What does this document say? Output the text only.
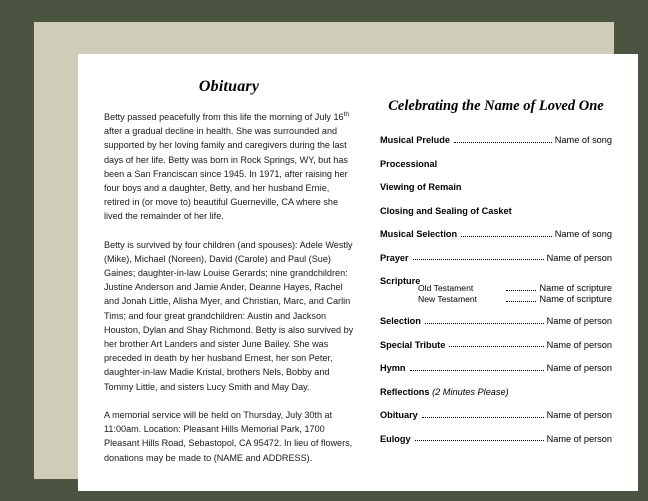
Obituary
Betty passed peacefully from this life the morning of July 16th after a gradual decline in health. She was surrounded and supported by her loving family and caregivers during the last days of her life. Betty was born in Rock Springs, WY, but has been a San Franciscan since 1945. In 1971, after raising her four boys and a daughter, Betty, and her husband Ernie, retired in (or move to) beautiful Guerneville, CA where she lived the remainder of her life.
Betty is survived by four children (and spouses): Adele Westly (Mike), Michael (Noreen), David (Carole) and Paul (Sue) Gaines; daughter-in-law Louise Gerards; nine grandchildren: Justine Anderson and Jamie Ander, Deanne Hayes, Rachel and Jonah Little, Alisha Myer, and Christian, Marc, and Carlin Tims; and four great grandchildren: Austin and Jackson Houston, Dylan and Shay Richmond. Betty is also survived by her brother Art Landers and sister June Bailey. She was preceded in death by her husband Ernest, her son Peter, daughter-in-law Madie Kristal, brothers Nels, Bobby and Tommy Little, and sisters Lucy Smith and May Day.
A memorial service will be held on Thursday, July 30th at 11:00am. Location: Pleasant Hills Memorial Park, 1700 Pleasant Hills Road, Sebastopol, CA 95472. In lieu of flowers, donations may be made to (NAME and ADDRESS).
Celebrating the Name of Loved One
Musical Prelude	Name of song
Processional
Viewing of Remain
Closing and Sealing of Casket
Musical Selection	Name of song
Prayer	Name of person
Scripture
Old Testament	Name of scripture
New Testament	Name of scripture
Selection	Name of person
Special Tribute	Name of person
Hymn	Name of person
Reflections (2 Minutes Please)
Obituary	Name of person
Eulogy	Name of person
